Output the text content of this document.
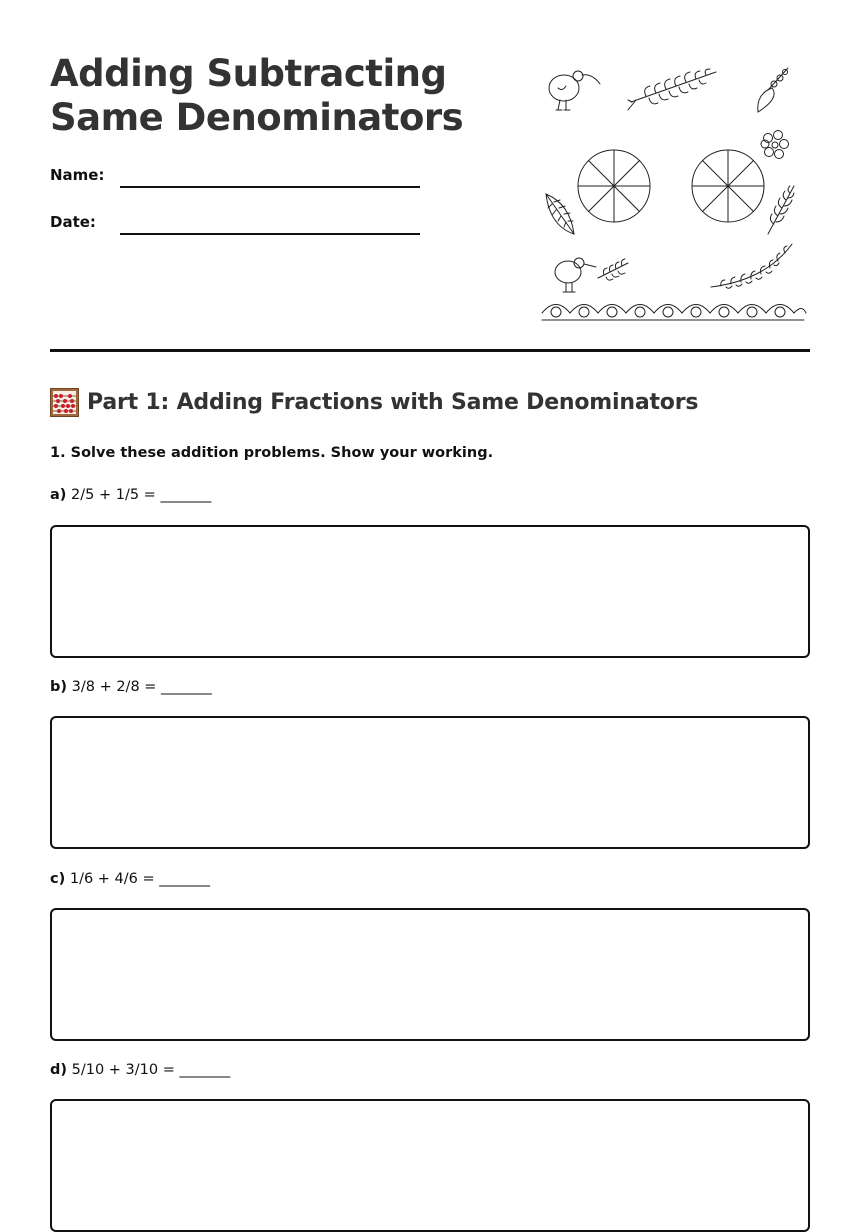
Adding Subtracting
Same Denominators
Name:
Date:
Part 1: Adding Fractions with Same Denominators

1. Solve these addition problems. Show your working.

a) 2/5 + 1/5 = _______

b) 3/8 + 2/8 = _______

c) 1/6 + 4/6 = _______

d) 5/10 + 3/10 = _______
